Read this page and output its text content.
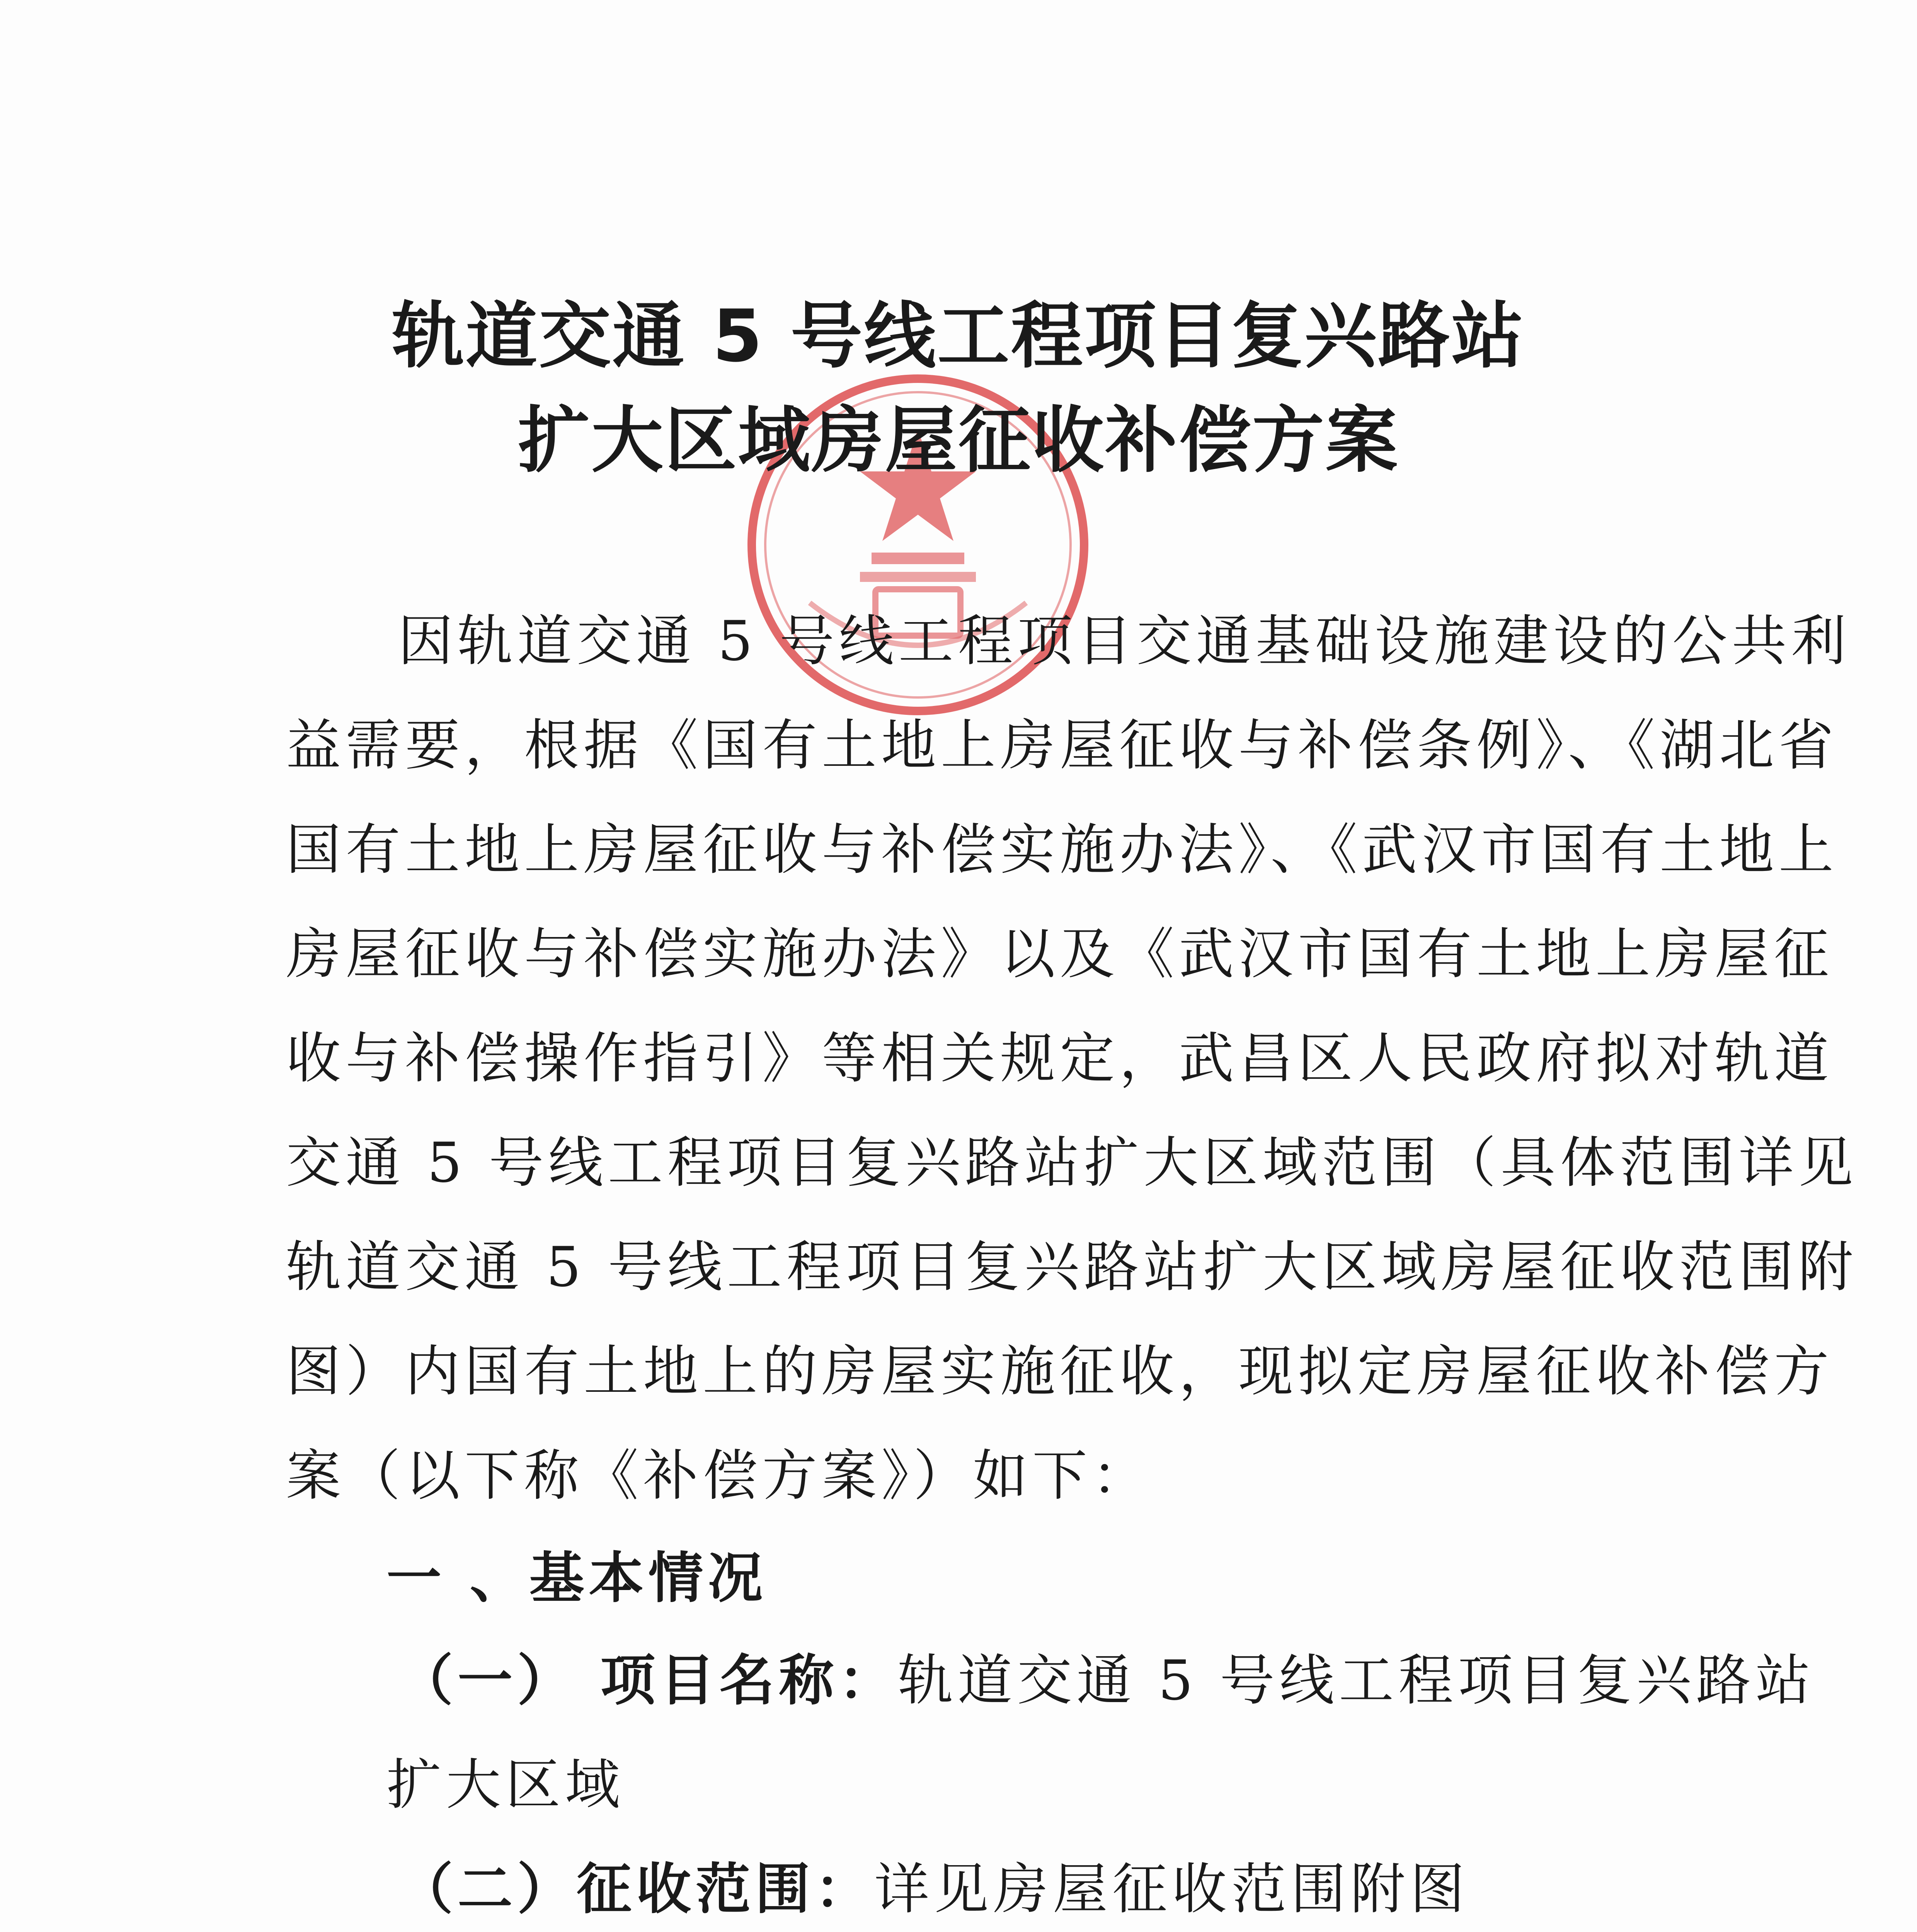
轨道交通 5 号线工程项目复兴路站
扩大区域房屋征收补偿方案
因轨道交通 5 号线工程项目交通基础设施建设的公共利
益需要，根据《国有土地上房屋征收与补偿条例》、《湖北省
国有土地上房屋征收与补偿实施办法》、《武汉市国有土地上
房屋征收与补偿实施办法》以及《武汉市国有土地上房屋征
收与补偿操作指引》等相关规定，武昌区人民政府拟对轨道
交通 5 号线工程项目复兴路站扩大区域范围（具体范围详见
轨道交通 5 号线工程项目复兴路站扩大区域房屋征收范围附
图）内国有土地上的房屋实施征收，现拟定房屋征收补偿方
案（以下称《补偿方案》）如下：
一 、基本情况
（一） 项目名称：轨道交通 5 号线工程项目复兴路站
扩大区域
（二）征收范围：详见房屋征收范围附图
